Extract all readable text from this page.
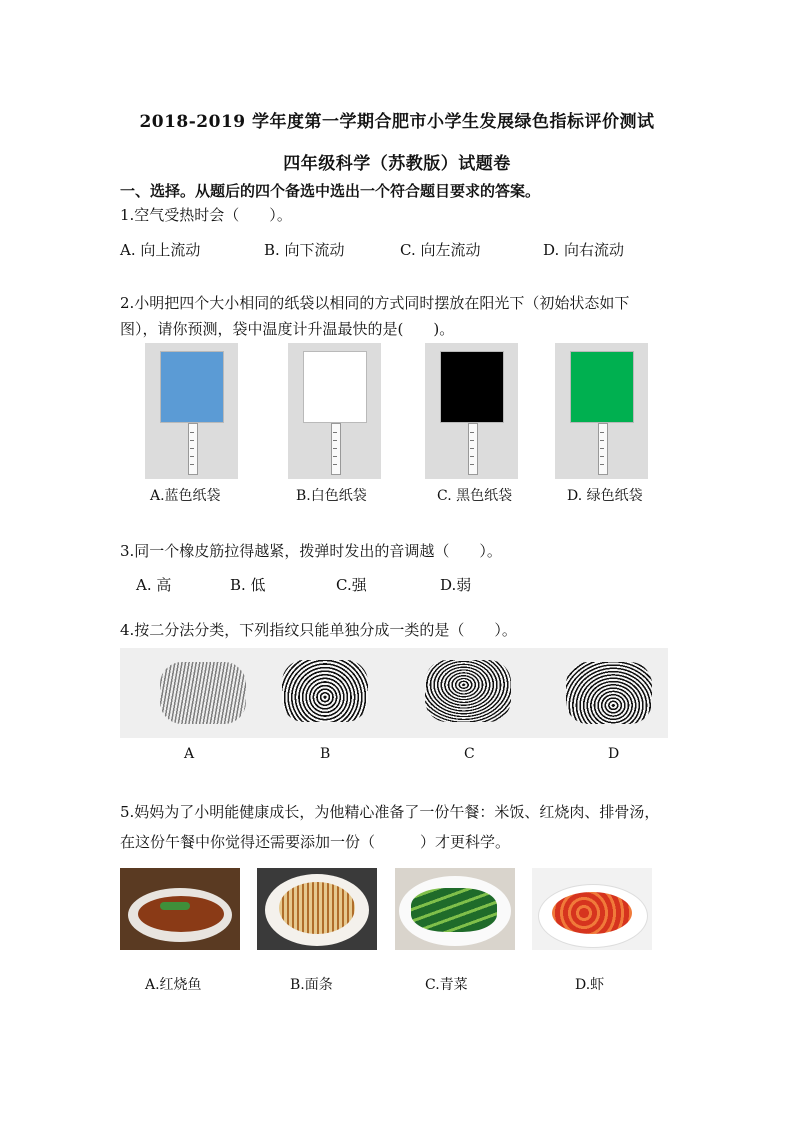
2018-2019 学年度第一学期合肥市小学生发展绿色指标评价测试
四年级科学（苏教版）试题卷
一、选择。从题后的四个备选中选出一个符合题目要求的答案。
1.空气受热时会（　　）。
A. 向上流动	B. 向下流动	C. 向左流动	D. 向右流动
2.小明把四个大小相同的纸袋以相同的方式同时摆放在阳光下（初始状态如下
图），请你预测，袋中温度计升温最快的是(　　)。
A.蓝色纸袋	B.白色纸袋	C. 黑色纸袋	D. 绿色纸袋
3.同一个橡皮筋拉得越紧，拨弹时发出的音调越（　　）。
A. 高	B. 低	C.强	D.弱
4.按二分法分类，下列指纹只能单独分成一类的是（　　）。
A	B	C	D
5.妈妈为了小明能健康成长，为他精心准备了一份午餐：米饭、红烧肉、排骨汤，
在这份午餐中你觉得还需要添加一份（　　　）才更科学。
A.红烧鱼	B.面条	C.青菜	D.虾
